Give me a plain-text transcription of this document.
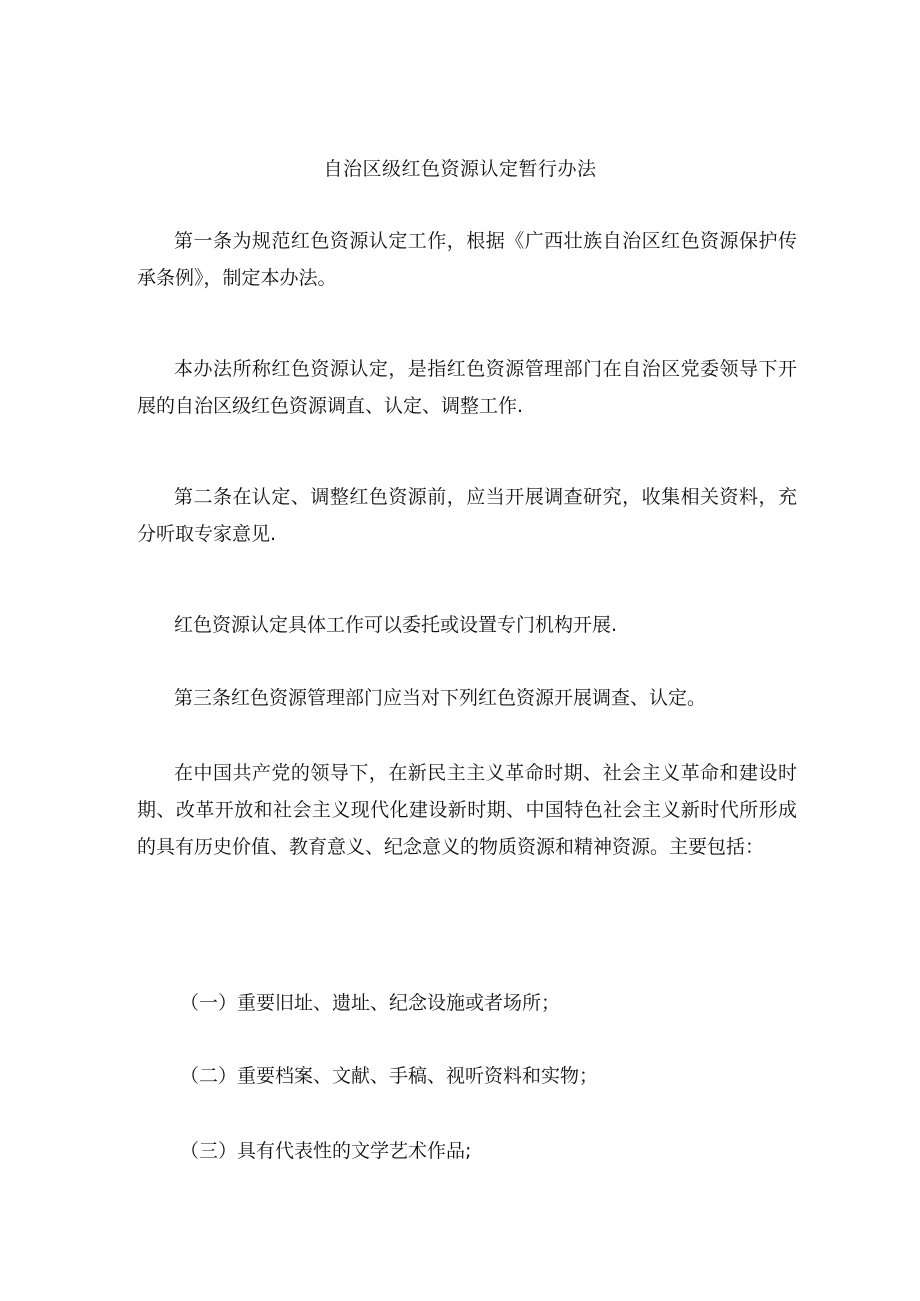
自治区级红色资源认定暂行办法

第一条为规范红色资源认定工作，根据《广西壮族自治区红色资源保护传承条例》，制定本办法。

本办法所称红色资源认定，是指红色资源管理部门在自治区党委领导下开展的自治区级红色资源调直、认定、调整工作.

第二条在认定、调整红色资源前，应当开展调查研究，收集相关资料，充分听取专家意见.

红色资源认定具体工作可以委托或设置专门机构开展.

第三条红色资源管理部门应当对下列红色资源开展调查、认定。

在中国共产党的领导下，在新民主主义革命时期、社会主义革命和建设时期、改革开放和社会主义现代化建设新时期、中国特色社会主义新时代所形成的具有历史价值、教育意义、纪念意义的物质资源和精神资源。主要包括：

（一）重要旧址、遗址、纪念设施或者场所；

（二）重要档案、文献、手稿、视听资料和实物；

（三）具有代表性的文学艺术作品;
